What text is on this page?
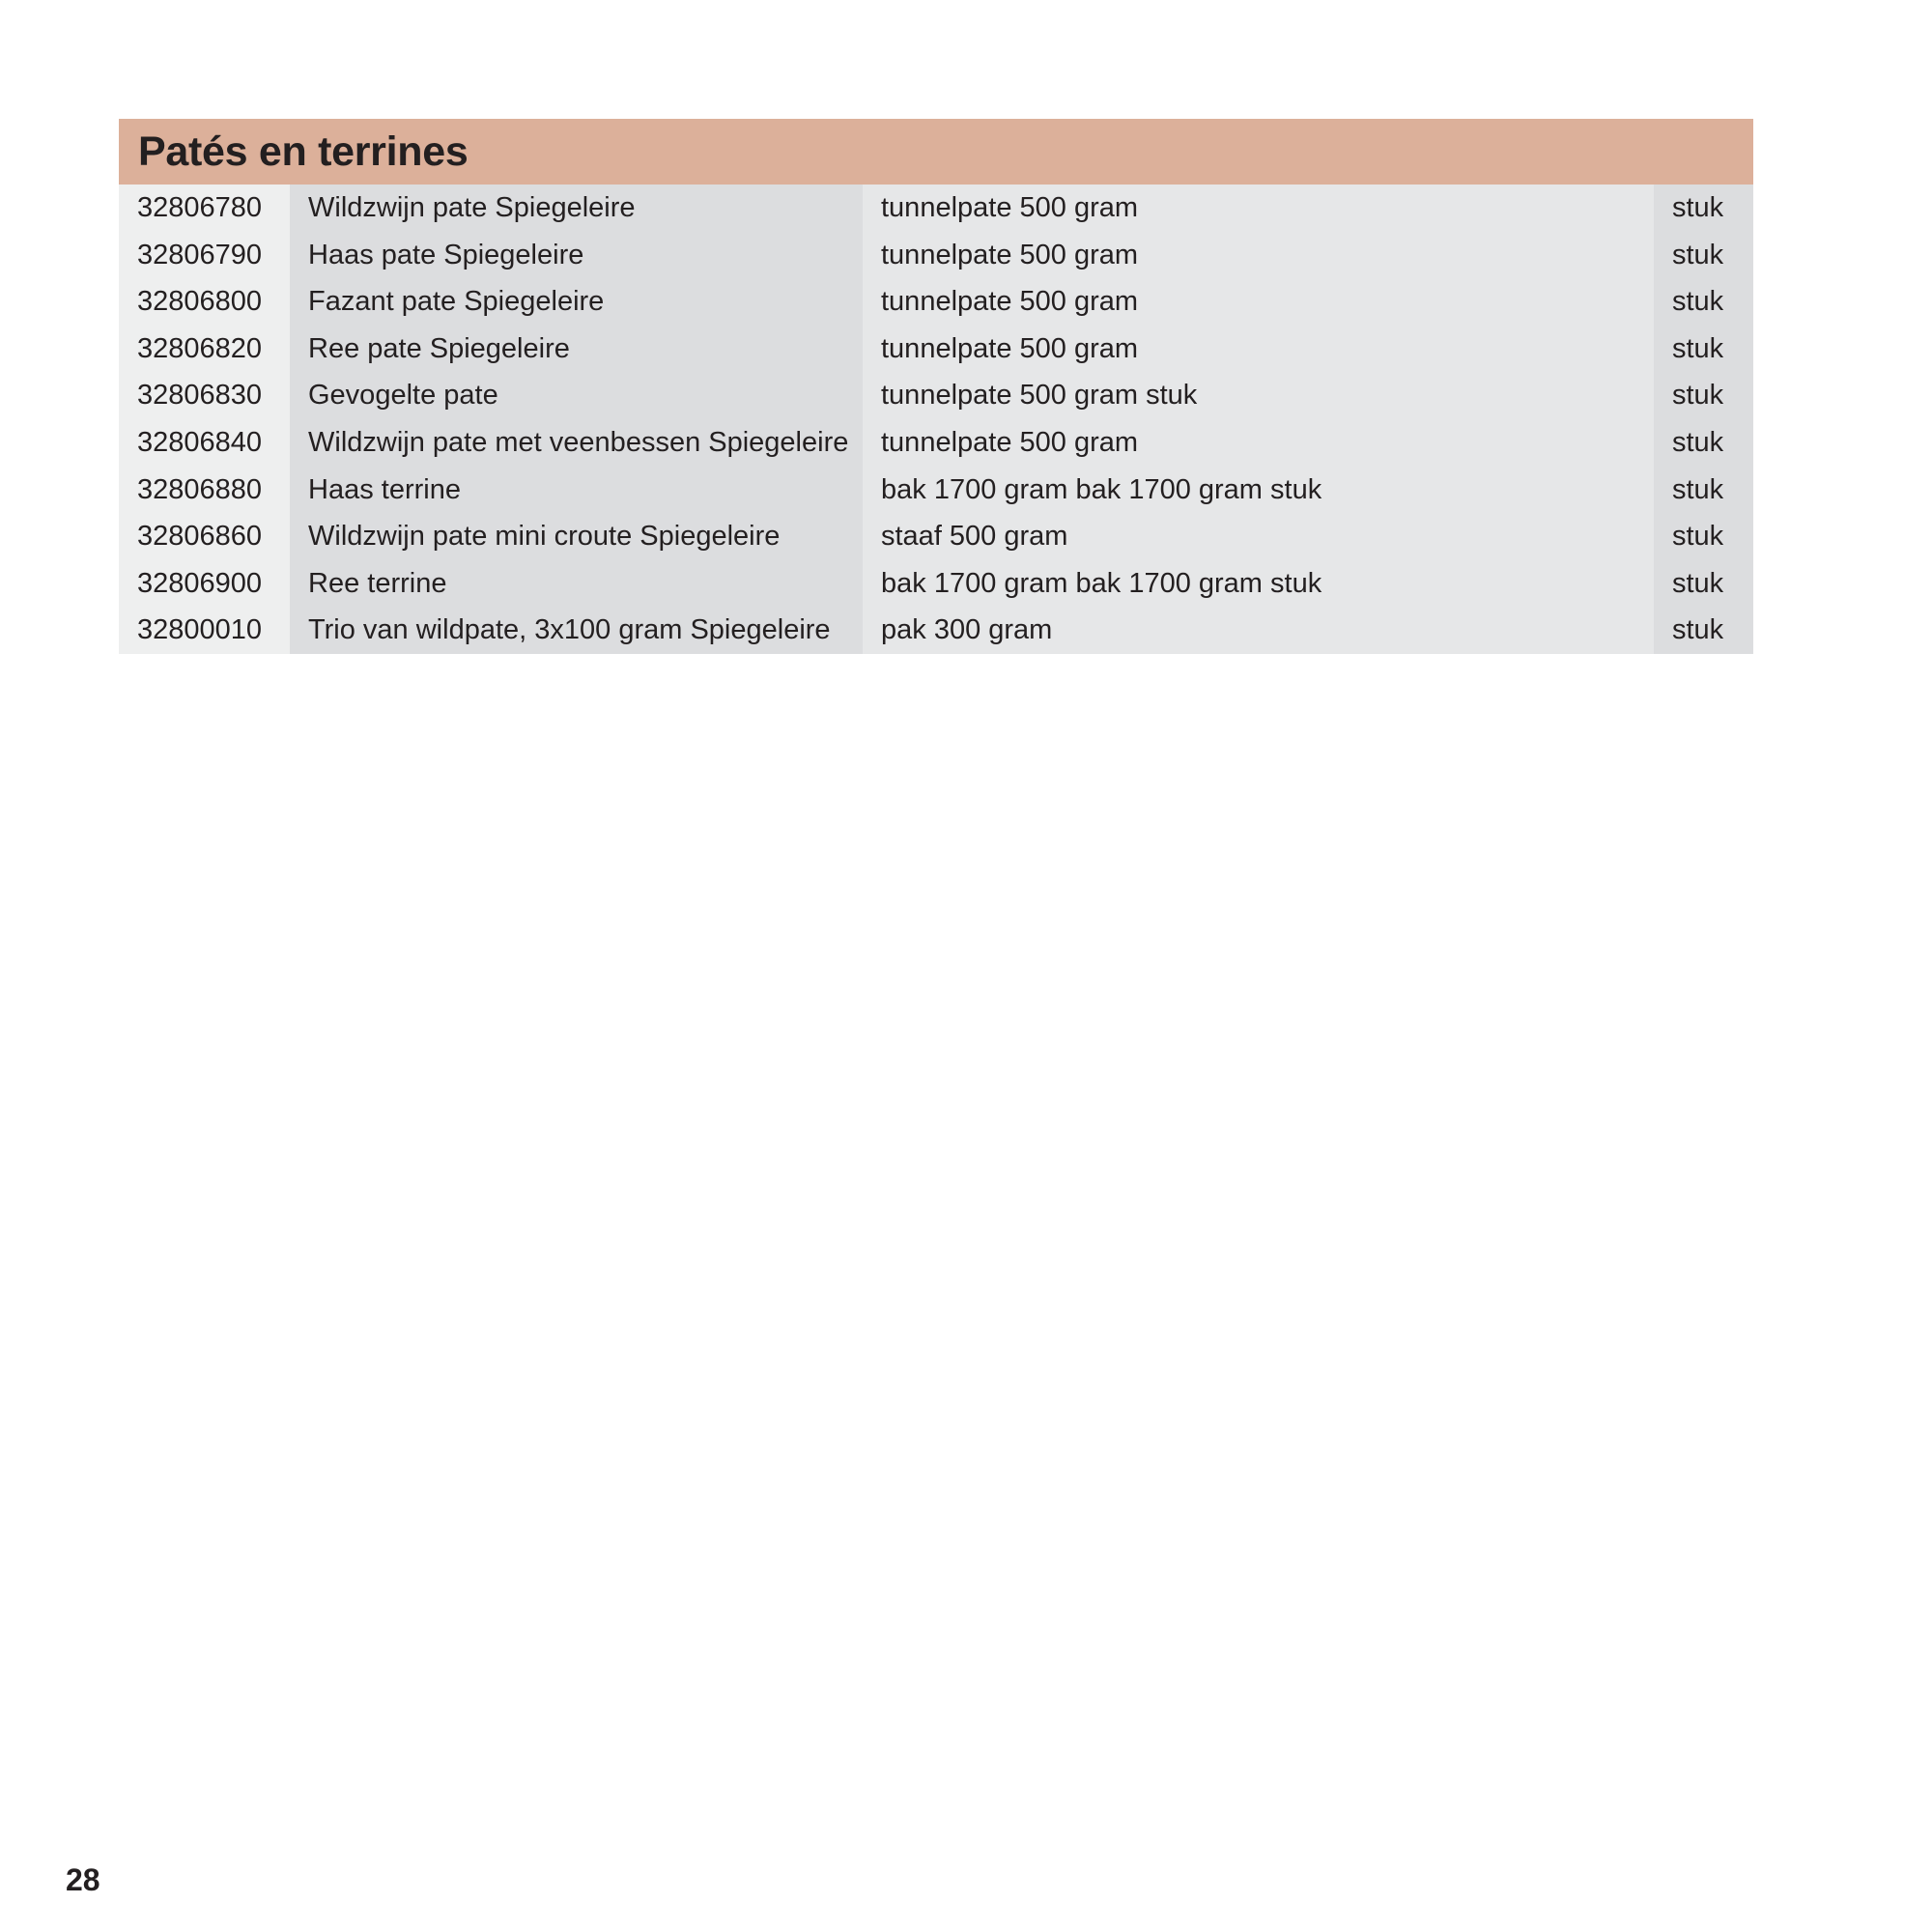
Patés en terrines
32806780	Wildzwijn pate Spiegeleire	tunnelpate 500 gram	stuk
32806790	Haas pate Spiegeleire	tunnelpate 500 gram	stuk
32806800	Fazant pate Spiegeleire	tunnelpate 500 gram	stuk
32806820	Ree pate Spiegeleire	tunnelpate 500 gram	stuk
32806830	Gevogelte pate	tunnelpate 500 gram stuk	stuk
32806840	Wildzwijn pate met veenbessen Spiegeleire	tunnelpate 500 gram	stuk
32806880	Haas terrine	bak 1700 gram bak 1700 gram stuk	stuk
32806860	Wildzwijn pate mini croute Spiegeleire	staaf 500 gram	stuk
32806900	Ree terrine	bak 1700 gram bak 1700 gram stuk	stuk
32800010	Trio van wildpate, 3x100 gram Spiegeleire	pak 300 gram	stuk
28
